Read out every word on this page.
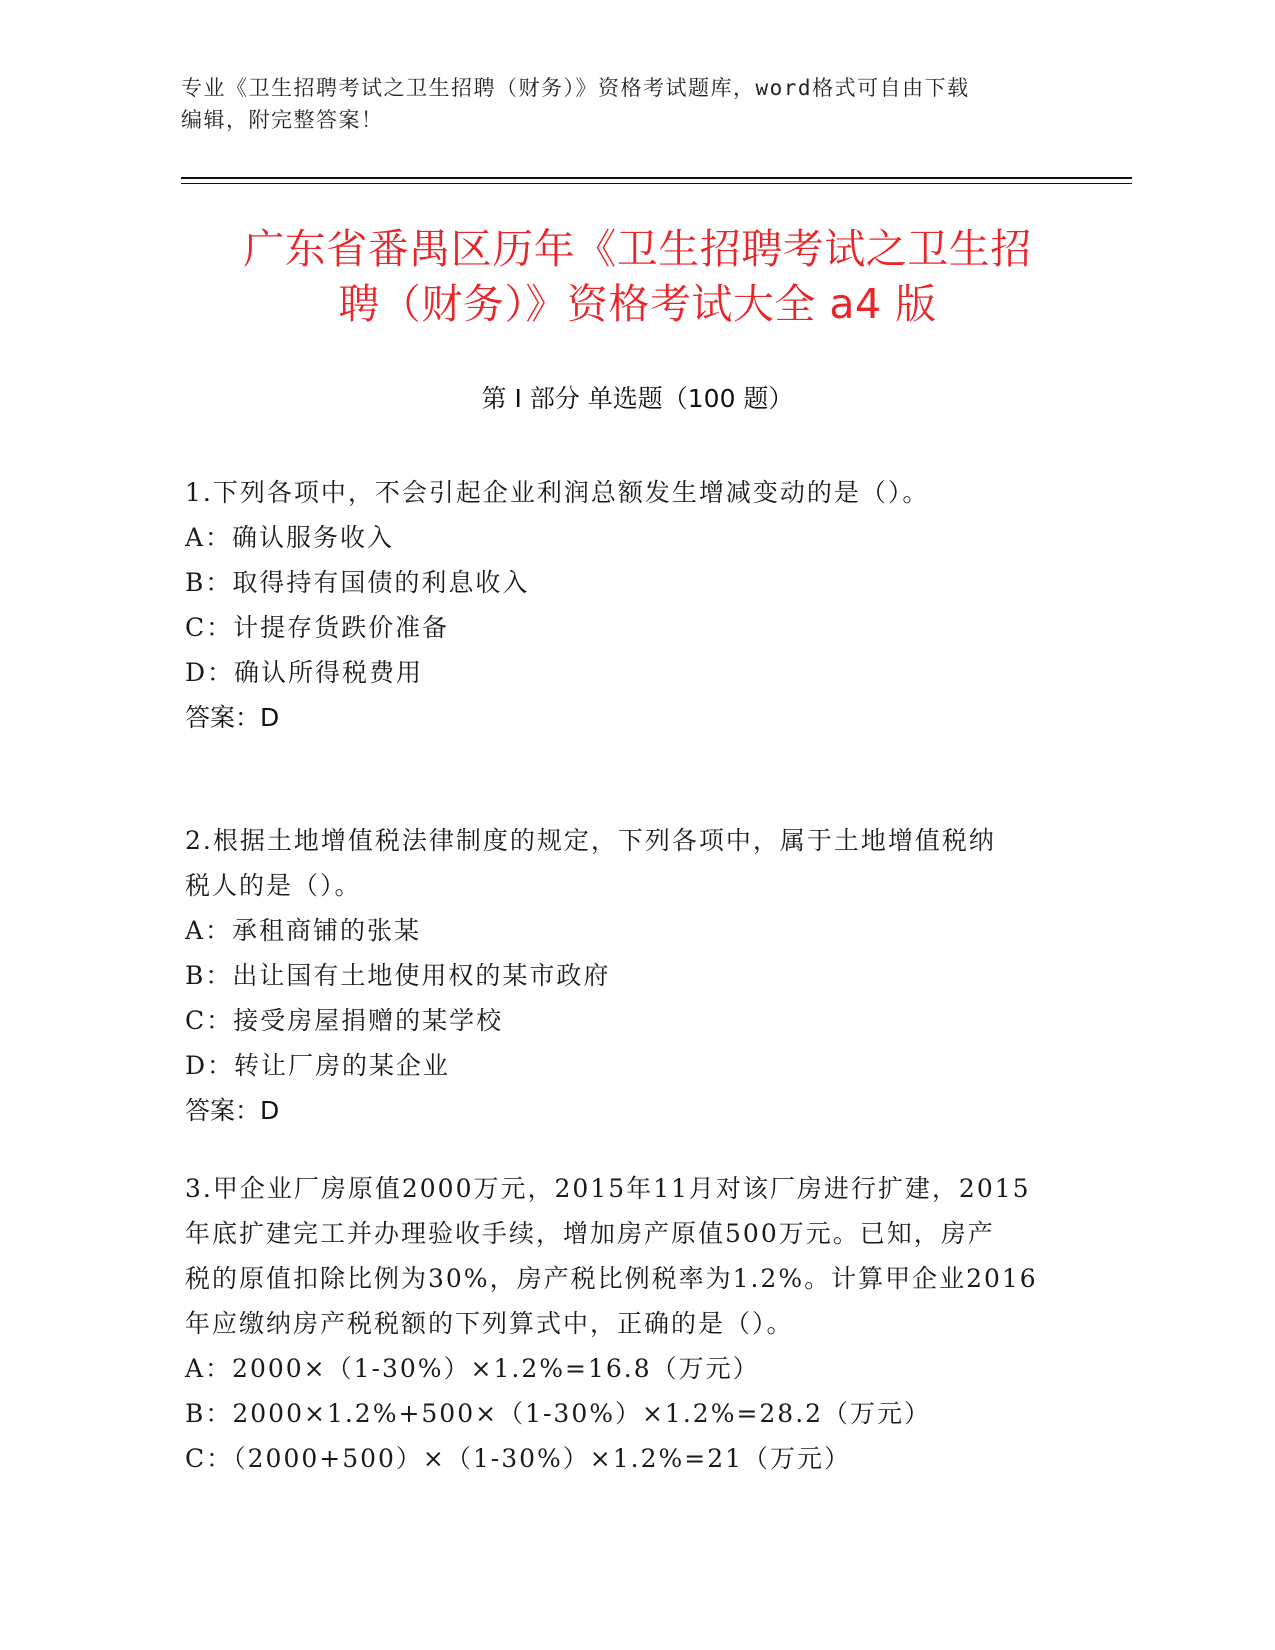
专业《卫生招聘考试之卫生招聘（财务）》资格考试题库，word格式可自由下载
编辑，附完整答案！
广东省番禺区历年《卫生招聘考试之卫生招
聘（财务）》资格考试大全 a4 版
第 I 部分 单选题（100 题）

1.下列各项中，不会引起企业利润总额发生增减变动的是（）。

A：确认服务收入

B：取得持有国债的利息收入

C：计提存货跌价准备

D：确认所得税费用

答案：D

2.根据土地增值税法律制度的规定，下列各项中，属于土地增值税纳

税人的是（）。

A：承租商铺的张某

B：出让国有土地使用权的某市政府

C：接受房屋捐赠的某学校

D：转让厂房的某企业

答案：D

3.甲企业厂房原值2000万元，2015年11月对该厂房进行扩建，2015

年底扩建完工并办理验收手续，增加房产原值500万元。已知，房产

税的原值扣除比例为30%，房产税比例税率为1.2%。计算甲企业2016

年应缴纳房产税税额的下列算式中，正确的是（）。

A：2000×（1-30%）×1.2%=16.8（万元）

B：2000×1.2%+500×（1-30%）×1.2%=28.2（万元）

C：（2000+500）×（1-30%）×1.2%=21（万元）
